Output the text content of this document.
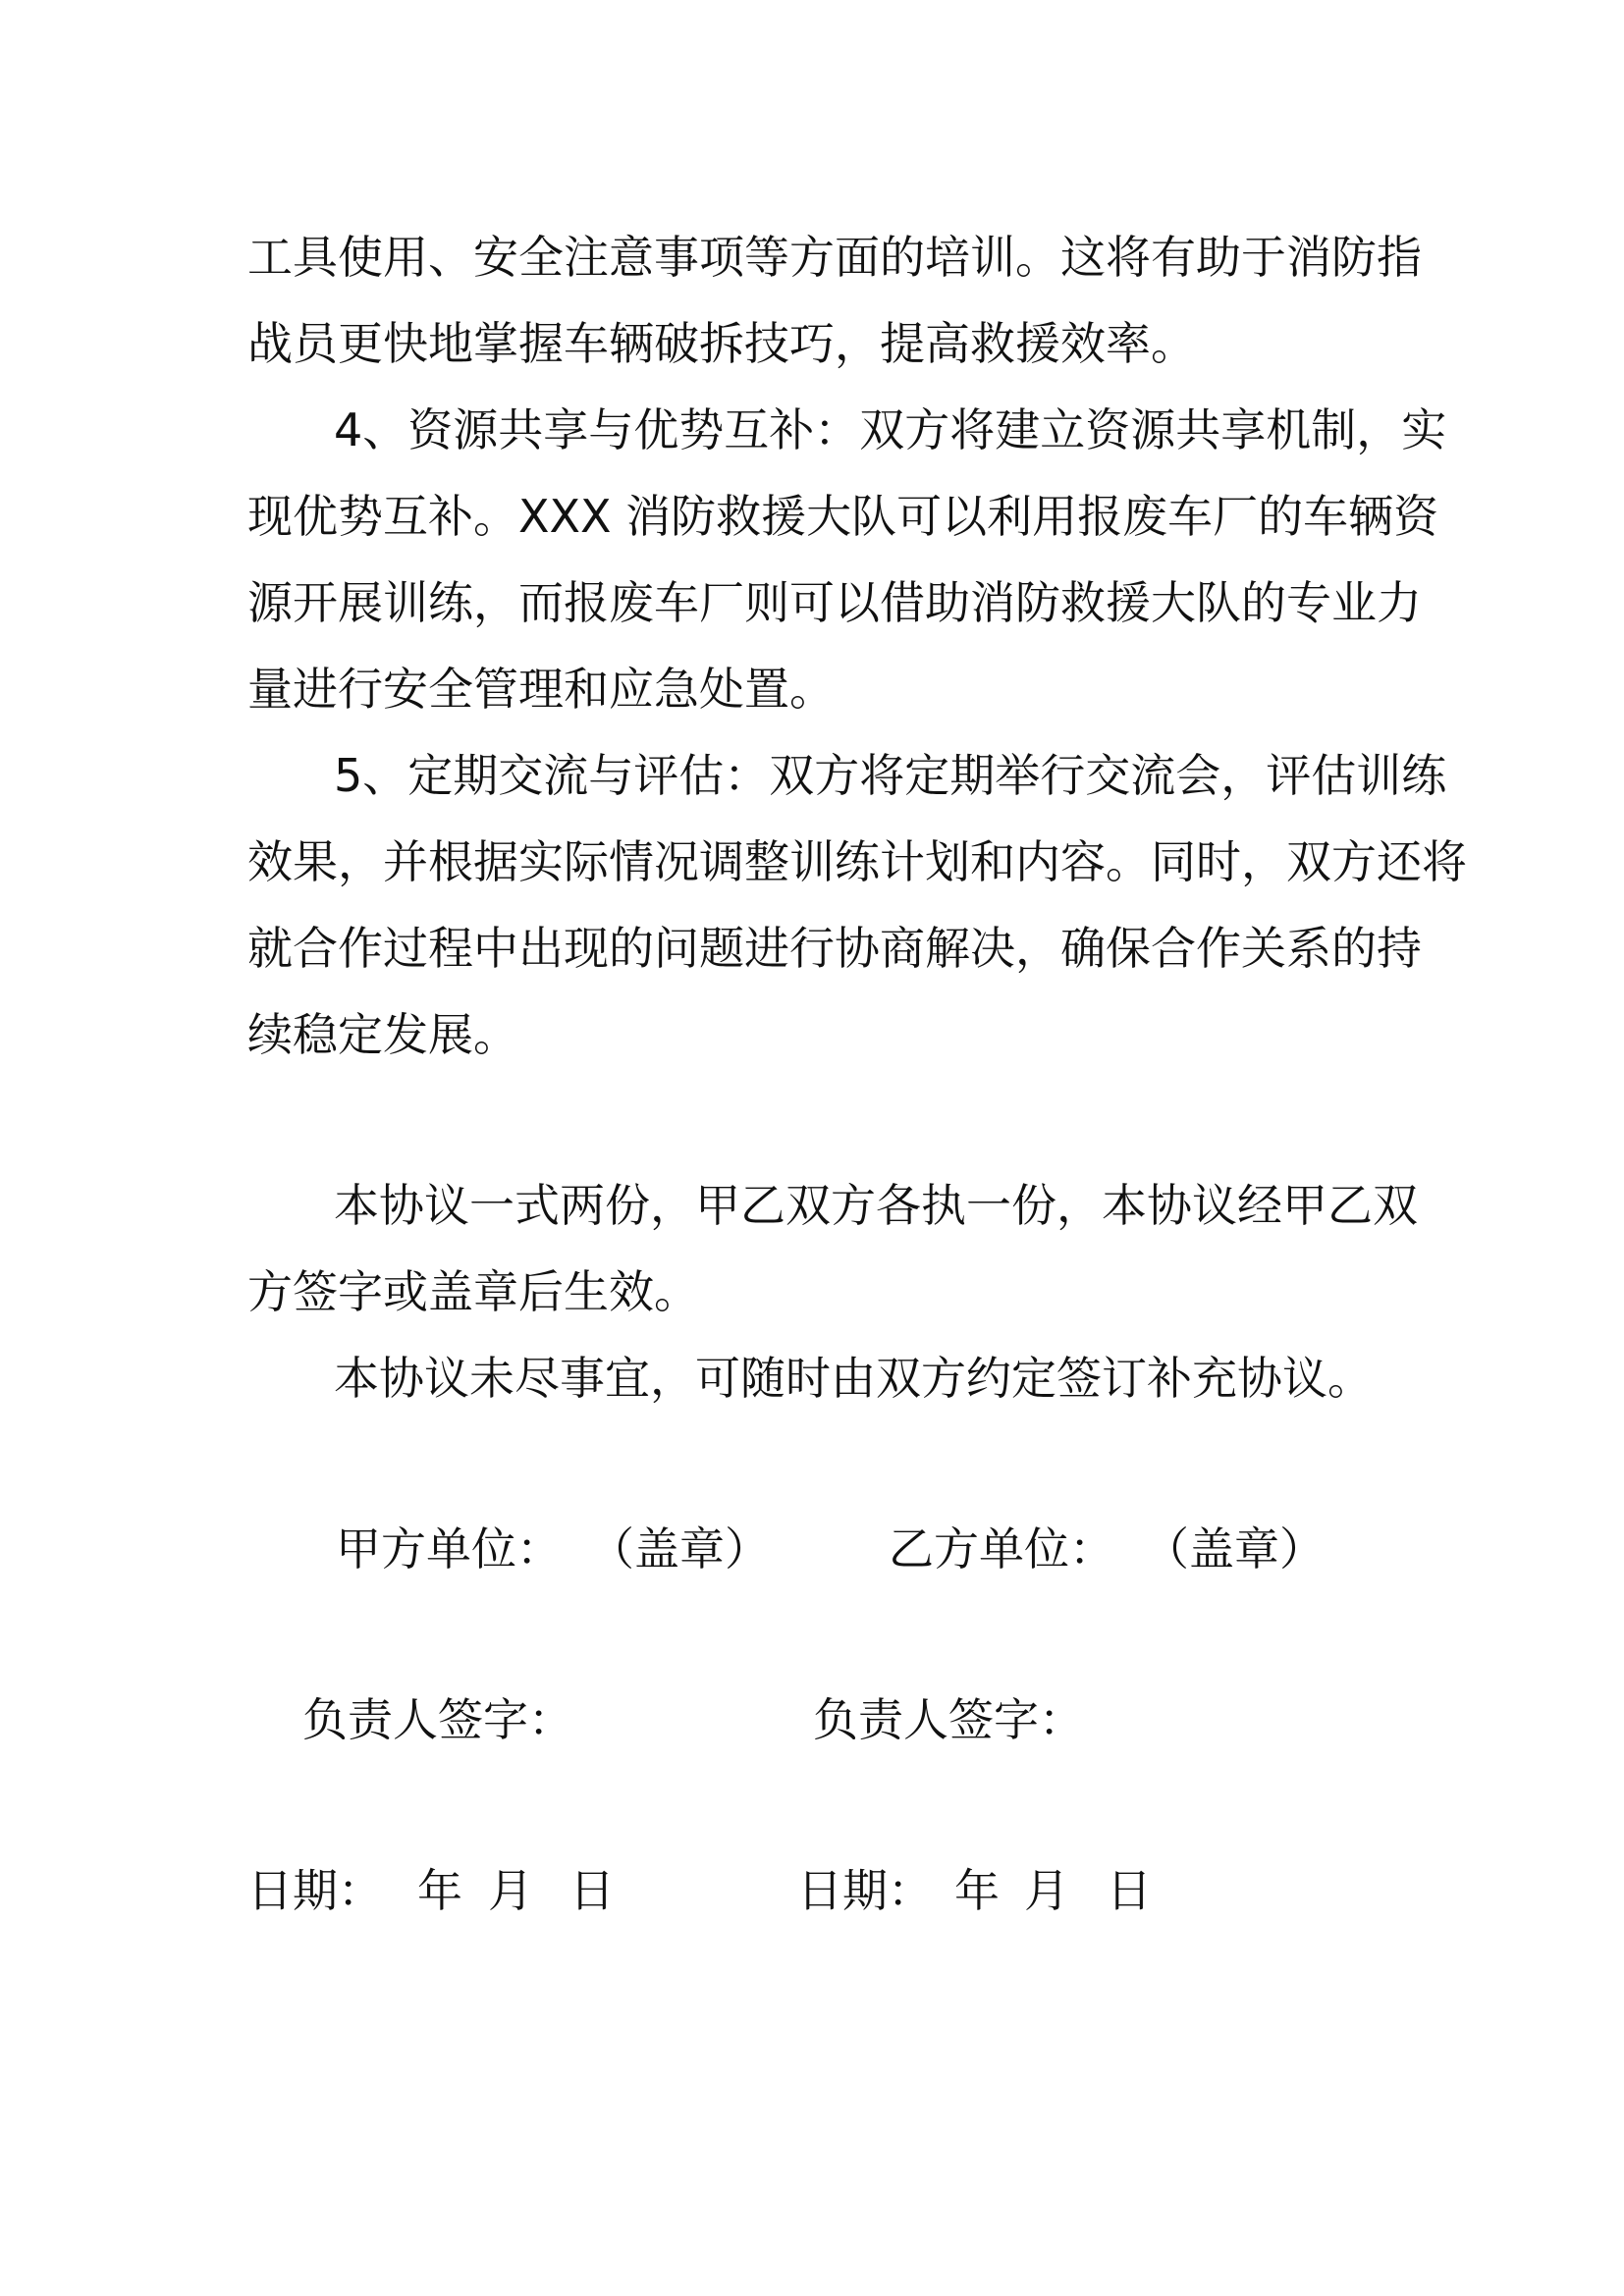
工具使用、安全注意事项等方面的培训。这将有助于消防指
战员更快地掌握车辆破拆技巧，提高救援效率。
4、资源共享与优势互补：双方将建立资源共享机制，实
现优势互补。XXX 消防救援大队可以利用报废车厂的车辆资
源开展训练，而报废车厂则可以借助消防救援大队的专业力
量进行安全管理和应急处置。
5、定期交流与评估：双方将定期举行交流会，评估训练
效果，并根据实际情况调整训练计划和内容。同时，双方还将
就合作过程中出现的问题进行协商解决，确保合作关系的持
续稳定发展。
本协议一式两份，甲乙双方各执一份，本协议经甲乙双
方签字或盖章后生效。
本协议未尽事宜，可随时由双方约定签订补充协议。
甲方单位： （盖章）	乙方单位： （盖章）
负责人签字：	负责人签字：
日期： 年 月 日	日期： 年 月 日
